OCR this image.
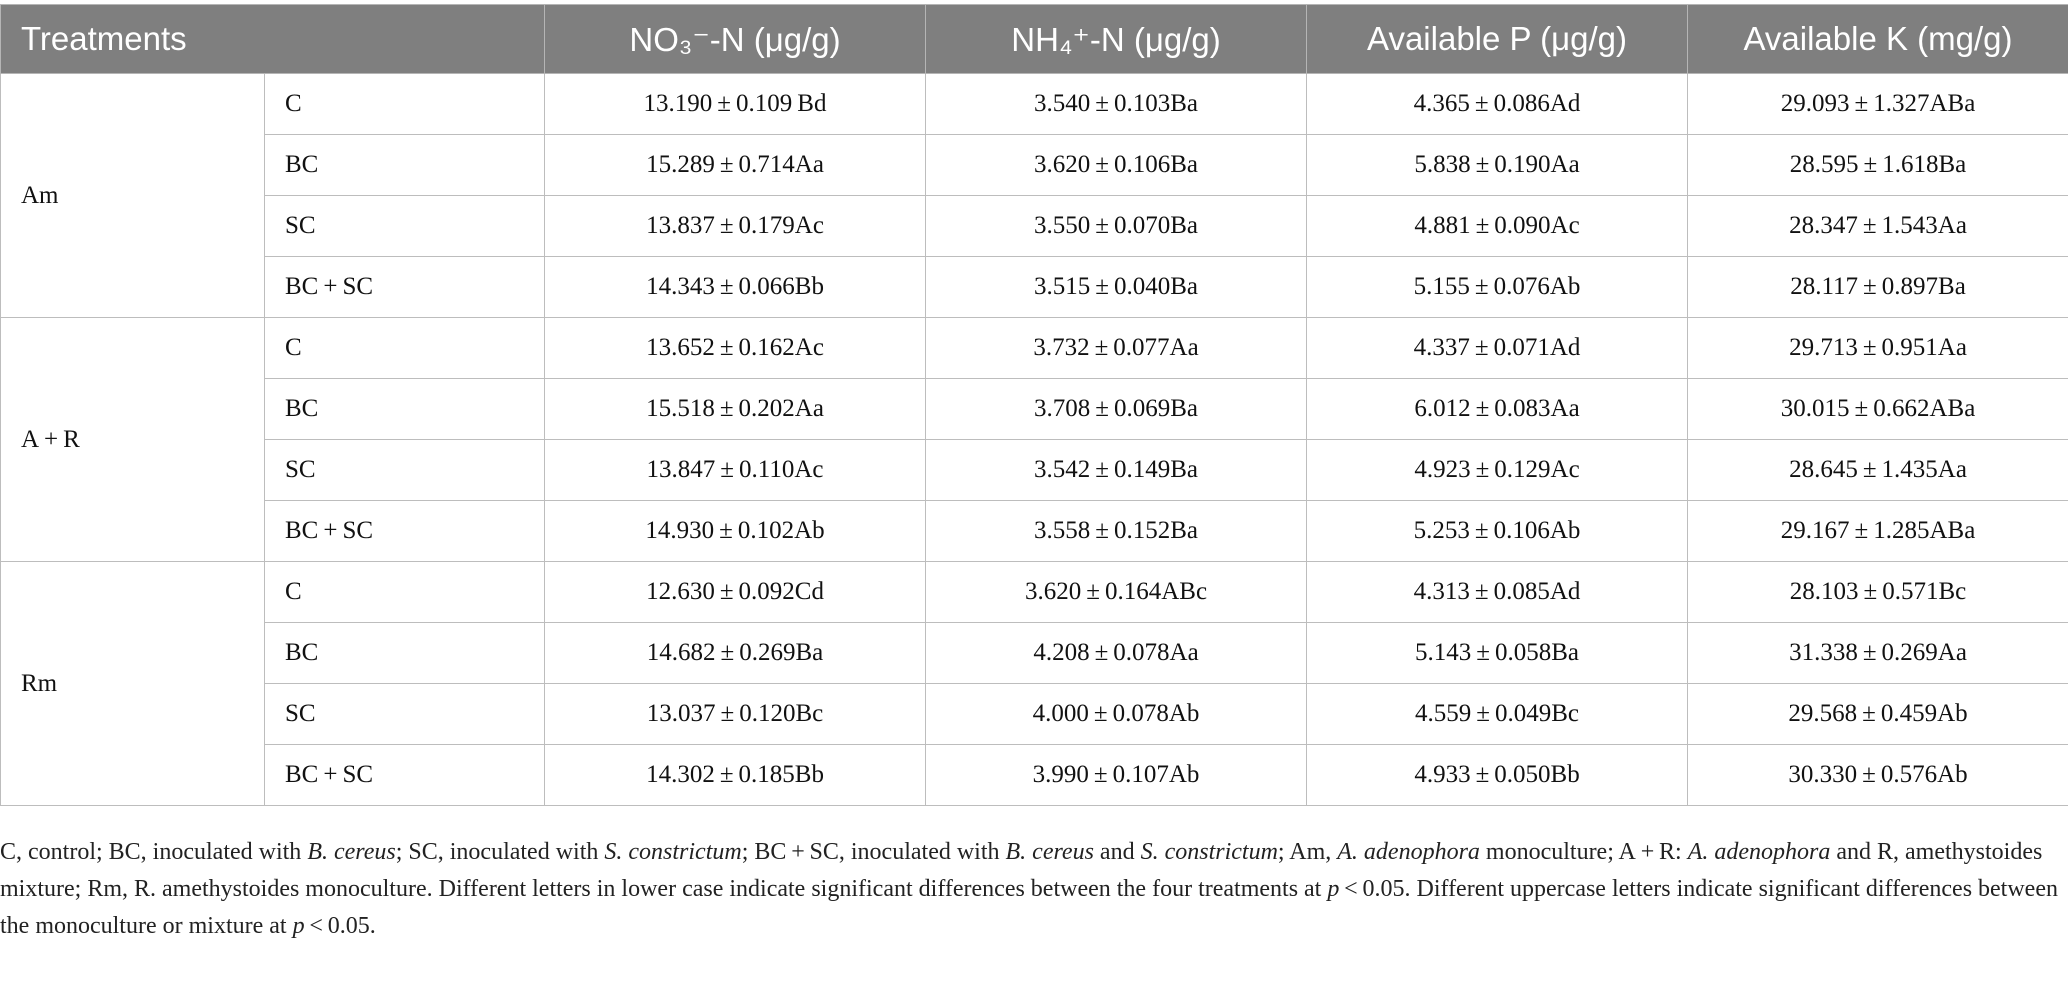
Treatments		NO₃⁻-N (μg/g)	NH₄⁺-N (μg/g)	Available P (μg/g)	Available K (mg/g)
Am	C	13.190 ± 0.109 Bd	3.540 ± 0.103Ba	4.365 ± 0.086Ad	29.093 ± 1.327ABa
	BC	15.289 ± 0.714Aa	3.620 ± 0.106Ba	5.838 ± 0.190Aa	28.595 ± 1.618Ba
	SC	13.837 ± 0.179Ac	3.550 ± 0.070Ba	4.881 ± 0.090Ac	28.347 ± 1.543Aa
	BC + SC	14.343 ± 0.066Bb	3.515 ± 0.040Ba	5.155 ± 0.076Ab	28.117 ± 0.897Ba
A + R	C	13.652 ± 0.162Ac	3.732 ± 0.077Aa	4.337 ± 0.071Ad	29.713 ± 0.951Aa
	BC	15.518 ± 0.202Aa	3.708 ± 0.069Ba	6.012 ± 0.083Aa	30.015 ± 0.662ABa
	SC	13.847 ± 0.110Ac	3.542 ± 0.149Ba	4.923 ± 0.129Ac	28.645 ± 1.435Aa
	BC + SC	14.930 ± 0.102Ab	3.558 ± 0.152Ba	5.253 ± 0.106Ab	29.167 ± 1.285ABa
Rm	C	12.630 ± 0.092Cd	3.620 ± 0.164ABc	4.313 ± 0.085Ad	28.103 ± 0.571Bc
	BC	14.682 ± 0.269Ba	4.208 ± 0.078Aa	5.143 ± 0.058Ba	31.338 ± 0.269Aa
	SC	13.037 ± 0.120Bc	4.000 ± 0.078Ab	4.559 ± 0.049Bc	29.568 ± 0.459Ab
	BC + SC	14.302 ± 0.185Bb	3.990 ± 0.107Ab	4.933 ± 0.050Bb	30.330 ± 0.576Ab

C, control; BC, inoculated with B. cereus; SC, inoculated with S. constrictum; BC + SC, inoculated with B. cereus and S. constrictum; Am, A. adenophora monoculture; A + R: A. adenophora and R, amethystoides mixture; Rm, R. amethystoides monoculture. Different letters in lower case indicate significant differences between the four treatments at p < 0.05. Different uppercase letters indicate significant differences between the monoculture or mixture at p < 0.05.
